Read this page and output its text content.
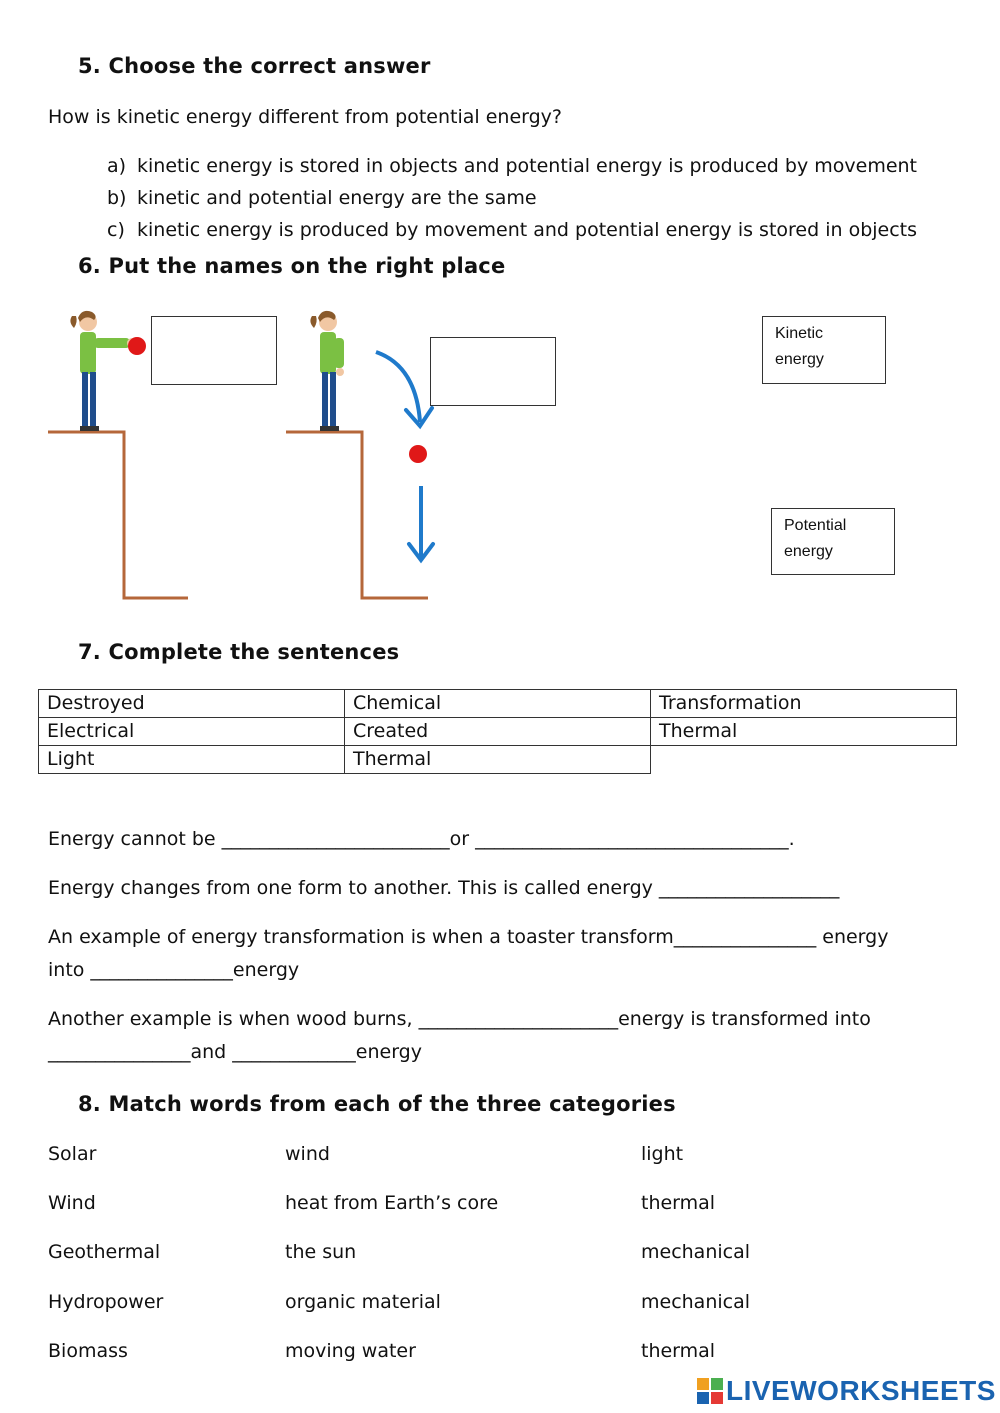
5. Choose the correct answer
How is kinetic energy different from potential energy?
a) kinetic energy is stored in objects and potential energy is produced by movement
b) kinetic and potential energy are the same
c) kinetic energy is produced by movement and potential energy is stored in objects
6. Put the names on the right place
Kinetic
energy
Potential
energy
7. Complete the sentences
Destroyed	Chemical	Transformation
Electrical	Created	Thermal
Light	Thermal	
Energy cannot be ________________________or _________________________________.
Energy changes from one form to another. This is called energy ___________________
An example of energy transformation is when a toaster transform_______________ energy
into _______________energy
Another example is when wood burns, _____________________energy is transformed into
_______________and _____________energy
8. Match words from each of the three categories
Solar	wind	light
Wind	heat from Earth’s core	thermal
Geothermal	the sun	mechanical
Hydropower	organic material	mechanical
Biomass	moving water	thermal
LIVEWORKSHEETS
